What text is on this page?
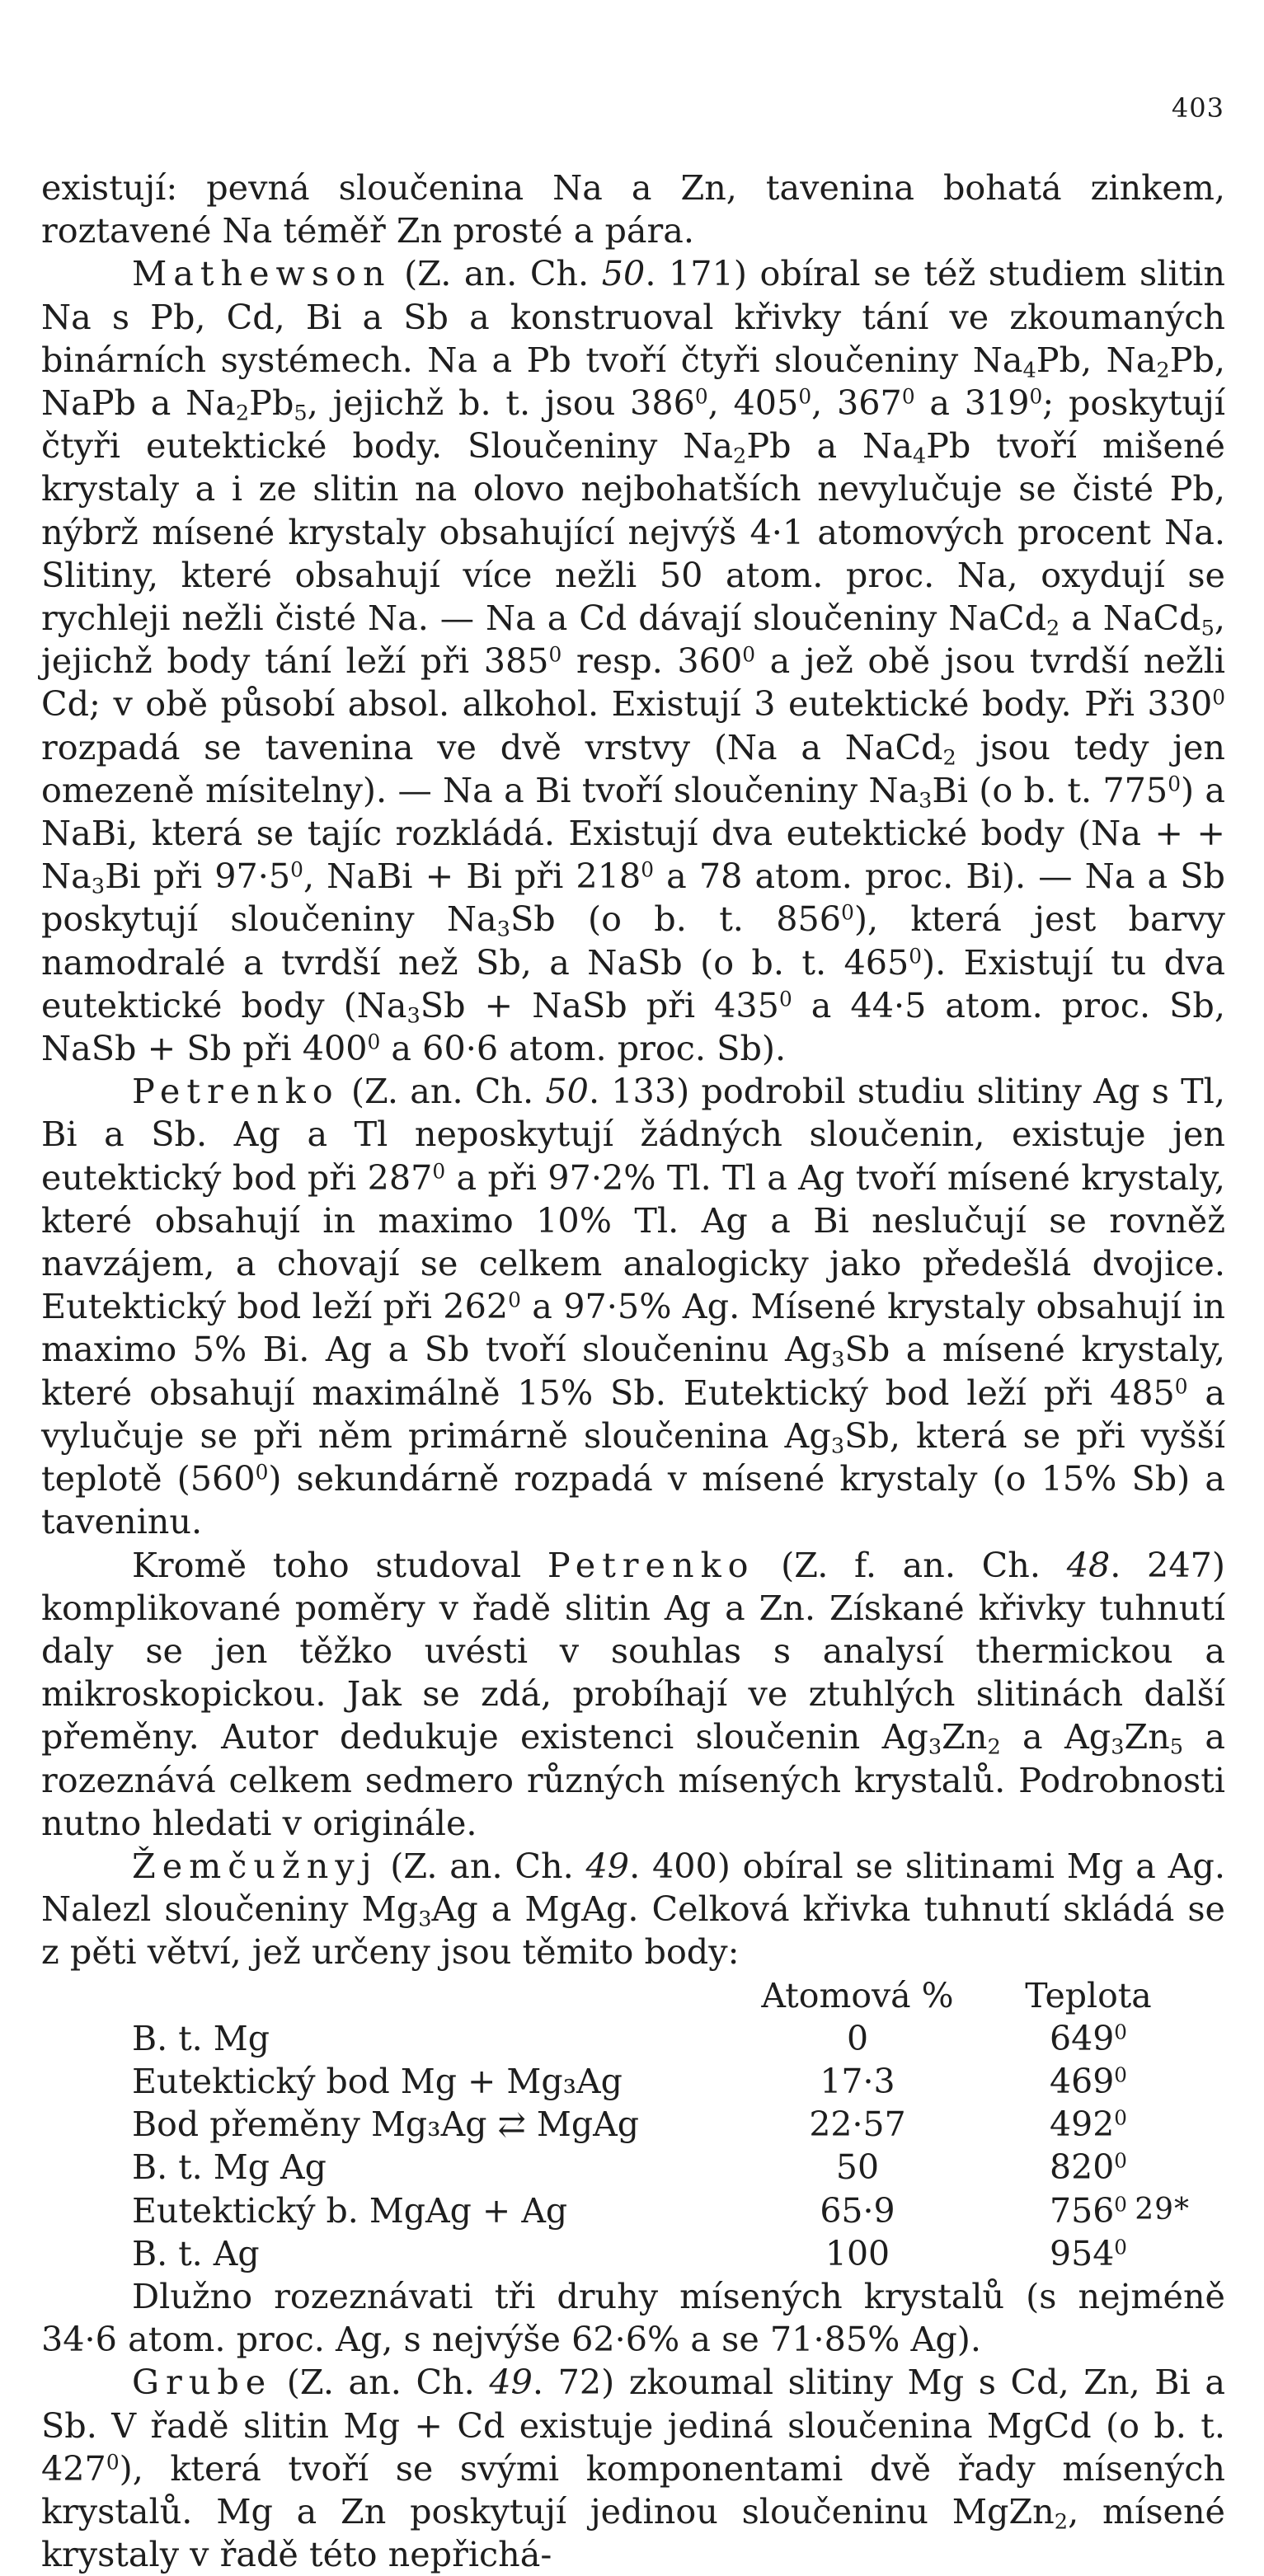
403

existují: pevná sloučenina Na a Zn, tavenina bohatá zinkem, roztavené Na téměř Zn prosté a pára.

Mathewson (Z. an. Ch. 50. 171) obíral se též studiem slitin Na s Pb, Cd, Bi a Sb a konstruoval křivky tání ve zkoumaných binárních systémech. Na a Pb tvoří čtyři sloučeniny $Na_4Pb$, $Na_2Pb$, NaPb a $Na_2Pb_5$, jejichž b. t. jsou $386^0$, $405^0$, $367^0$ a $319^0$; poskytují čtyři eutektické body. Sloučeniny $Na_2Pb$ a $Na_4Pb$ tvoří mišené krystaly a i ze slitin na olovo nejbohatších nevylučuje se čisté Pb, nýbrž mísené krystaly obsahující nejvýš 4·1 atomových procent Na. Slitiny, které obsahují více nežli 50 atom. proc. Na, oxydují se rychleji nežli čisté Na. — Na a Cd dávají sloučeniny NaCd$_2$ a NaCd$_5$, jejichž body tání leží při $385^0$ resp. $360^0$ a jež obě jsou tvrdší nežli Cd; v obě působí absol. alkohol. Existují 3 eutektické body. Při $330^0$ rozpadá se tavenina ve dvě vrstvy (Na a NaCd$_2$ jsou tedy jen omezeně mísitelny). — Na a Bi tvoří sloučeniny $Na_3Bi$ (o b. t. $775^0$) a NaBi, která se tajíc rozkládá. Existují dva eutektické body (Na + + $Na_3Bi$ při $97\cdot 5^0$, NaBi + Bi při $218^0$ a 78 atom. proc. Bi). — Na a Sb poskytují sloučeniny $Na_3Sb$ (o b. t. $856^0$), která jest barvy namodralé a tvrdší než Sb, a NaSb (o b. t. $465^0$). Existují tu dva eutektické body ($Na_3Sb$ + NaSb při $435^0$ a 44·5 atom. proc. Sb, NaSb + Sb při $400^0$ a 60·6 atom. proc. Sb).

Petrenko (Z. an. Ch. 50. 133) podrobil studiu slitiny Ag s Tl, Bi a Sb. Ag a Tl neposkytují žádných sloučenin, existuje jen eutektický bod při $287^0$ a při 97·2% Tl. Tl a Ag tvoří mísené krystaly, které obsahují in maximo 10% Tl. Ag a Bi neslučují se rovněž navzájem, a chovají se celkem analogicky jako předešlá dvojice. Eutektický bod leží při $262^0$ a 97·5% Ag. Mísené krystaly obsahují in maximo 5% Bi. Ag a Sb tvoří sloučeninu $Ag_3Sb$ a mísené krystaly, které obsahují maximálně 15% Sb. Eutektický bod leží při $485^0$ a vylučuje se při něm primárně sloučenina $Ag_3Sb$, která se při vyšší teplotě $(560^0)$ sekundárně rozpadá v mísené krystaly (o 15% Sb) a taveninu.

Kromě toho studoval Petrenko (Z. f. an. Ch. 48. 247) komplikované poměry v řadě slitin Ag a Zn. Získané křivky tuhnutí daly se jen těžko uvésti v souhlas s analysí thermickou a mikroskopickou. Jak se zdá, probíhají ve ztuhlých slitinách další přeměny. Autor dedukuje existenci sloučenin $Ag_3Zn_2$ a $Ag_3Zn_5$ a rozeznává celkem sedmero různých mísených krystalů. Podrobnosti nutno hledati v originále.

Žemčužnyj (Z. an. Ch. 49. 400) obíral se slitinami Mg a Ag. Nalezl sloučeniny $Mg_3Ag$ a MgAg. Celková křivka tuhnutí skládá se z pěti větví, jež určeny jsou těmito body:

	Atomová %	Teplota
B. t. Mg	0	$649^0$
Eutektický bod Mg + Mg₃Ag	17·3	$469^0$
Bod přeměny Mg₃Ag ⇄ MgAg	22·57	$492^0$
B. t. Mg Ag	50	$820^0$
Eutektický b. MgAg + Ag	65·9	$756^0$
B. t. Ag	100	$954^0$

Dlužno rozeznávati tři druhy mísených krystalů (s nejméně 34·6 atom. proc. Ag, s nejvýše 62·6% a se 71·85% Ag).

Grube (Z. an. Ch. 49. 72) zkoumal slitiny Mg s Cd, Zn, Bi a Sb. V řadě slitin Mg + Cd existuje jediná sloučenina MgCd (o b. t. $427^0$), která tvoří se svými komponentami dvě řady mísených krystalů. Mg a Zn poskytují jedinou sloučeninu MgZn$_2$, mísené krystaly v řadě této nepřichá-

29*
